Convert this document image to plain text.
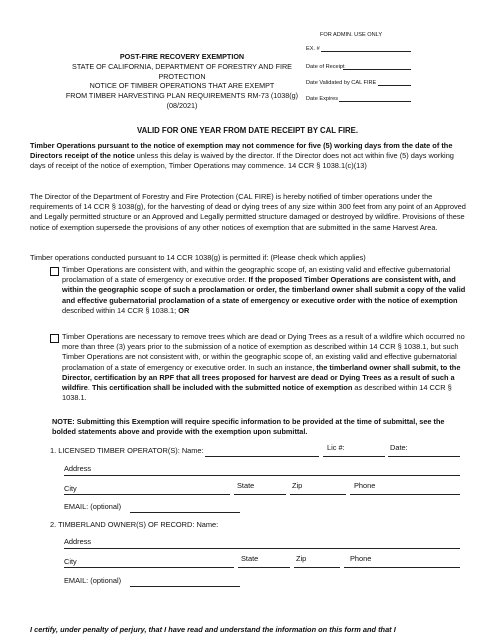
POST-FIRE RECOVERY EXEMPTION
STATE OF CALIFORNIA, DEPARTMENT OF FORESTRY AND FIRE PROTECTION
NOTICE OF TIMBER OPERATIONS THAT ARE EXEMPT
FROM TIMBER HARVESTING PLAN REQUIREMENTS RM-73 (1038(g)
(08/2021)
FOR ADMIN. USE ONLY
EX. #
Date of Receipt
Date Validated by CAL FIRE
Date Expires
VALID FOR ONE YEAR FROM DATE RECEIPT BY CAL FIRE.
Timber Operations pursuant to the notice of exemption may not commence for five (5) working days from the date of the Directors receipt of the notice unless this delay is waived by the director. If the Director does not act within five (5) days working days of receipt of the notice of exemption, Timber Operations may commence. 14 CCR § 1038.1(c)(13)
The Director of the Department of Forestry and Fire Protection (CAL FIRE) is hereby notified of timber operations under the requirements of 14 CCR § 1038(g), for the harvesting of dead or dying trees of any size within 300 feet from any point of an Approved and Legally permitted structure or an Approved and Legally permitted structure damaged or destroyed by wildfire. Provisions of these notice of exemption supersede the provisions of any other notices of exemption that are submitted in the same Harvest Area.
Timber operations conducted pursuant to 14 CCR 1038(g) is permitted if: (Please check which applies)
Timber Operations are consistent with, and within the geographic scope of, an existing valid and effective gubernatorial proclamation of a state of emergency or executive order. If the proposed Timber Operations are consistent with, and within the geographic scope of such a proclamation or order, the timberland owner shall submit a copy of the valid and effective gubernatorial proclamation of a state of emergency or executive order with the notice of exemption described within 14 CCR § 1038.1; OR
Timber Operations are necessary to remove trees which are dead or Dying Trees as a result of a wildfire which occurred no more than three (3) years prior to the submission of a notice of exemption as described within 14 CCR § 1038.1, but such Timber Operations are not consistent with, or within the geographic scope of, an existing valid and effective gubernatorial proclamation of a state of emergency or executive order. In such an instance, the timberland owner shall submit, to the Director, certification by an RPF that all trees proposed for harvest are dead or Dying Trees as a result of such a wildfire. This certification shall be included with the submitted notice of exemption as described within 14 CCR § 1038.1.
NOTE: Submitting this Exemption will require specific information to be provided at the time of submittal, see the bolded statements above and provide with the exemption upon submittal.
1. LICENSED TIMBER OPERATOR(S): Name:	Lic #:	Date:
Address
City	State	Zip	Phone
EMAIL: (optional)
2. TIMBERLAND OWNER(S) OF RECORD: Name:
Address
City	State	Zip	Phone
EMAIL: (optional)
I certify, under penalty of perjury, that I have read and understand the information on this form and that I
